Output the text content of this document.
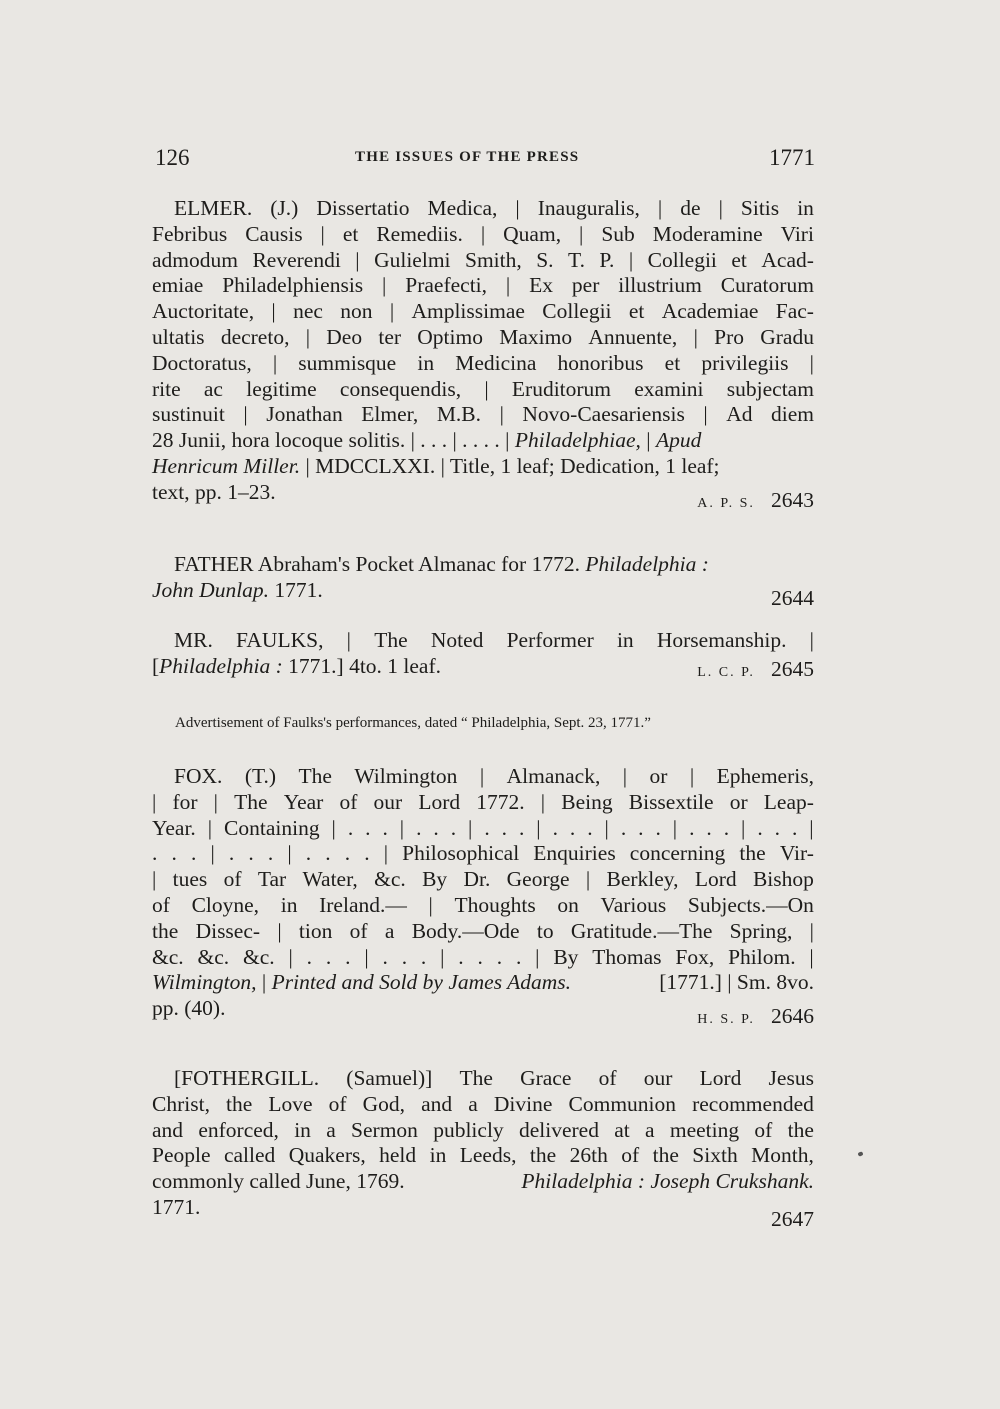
126	THE ISSUES OF THE PRESS	1771
ELMER. (J.) Dissertatio Medica, | Inauguralis, | de | Sitis in
Febribus Causis | et Remediis. | Quam, | Sub Moderamine Viri
admodum Reverendi | Gulielmi Smith, S. T. P. | Collegii et Acad-
emiae Philadelphiensis | Praefecti, | Ex per illustrium Curatorum
Auctoritate, | nec non | Amplissimae Collegii et Academiae Fac-
ultatis decreto, | Deo ter Optimo Maximo Annuente, | Pro Gradu
Doctoratus, | summisque in Medicina honoribus et privilegiis |
rite ac legitime consequendis, | Eruditorum examini subjectam
sustinuit | Jonathan Elmer, M.B. | Novo-Caesariensis | Ad diem
28 Junii, hora locoque solitis. | . . . | . . . . | Philadelphiae, | Apud
Henricum Miller. | MDCCLXXI. | Title, 1 leaf; Dedication, 1 leaf;
text, pp. 1–23.	A. P. S. 2643
FATHER Abraham's Pocket Almanac for 1772. Philadelphia :
John Dunlap. 1771.	2644
MR. FAULKS, | The Noted Performer in Horsemanship. |
[Philadelphia : 1771.] 4to. 1 leaf.	L. C. P. 2645
Advertisement of Faulks's performances, dated “ Philadelphia, Sept. 23, 1771.”
FOX. (T.) The Wilmington | Almanack, | or | Ephemeris,
| for | The Year of our Lord 1772. | Being Bissextile or Leap-
Year. | Containing | . . . | . . . | . . . | . . . | . . . | . . . | . . . |
. . . | . . . | . . . . | Philosophical Enquiries concerning the Vir-
| tues of Tar Water, &c. By Dr. George | Berkley, Lord Bishop
of Cloyne, in Ireland.— | Thoughts on Various Subjects.—On
the Dissec- | tion of a Body.—Ode to Gratitude.—The Spring, |
&c. &c. &c. | . . . | . . . | . . . . | By Thomas Fox, Philom. |
Wilmington, | Printed and Sold by James Adams.	[1771.] | Sm. 8vo.
pp. (40).	H. S. P. 2646
[FOTHERGILL. (Samuel)] The Grace of our Lord Jesus
Christ, the Love of God, and a Divine Communion recommended
and enforced, in a Sermon publicly delivered at a meeting of the
People called Quakers, held in Leeds, the 26th of the Sixth Month,
commonly called June, 1769.	Philadelphia : Joseph Crukshank.
1771.	2647
